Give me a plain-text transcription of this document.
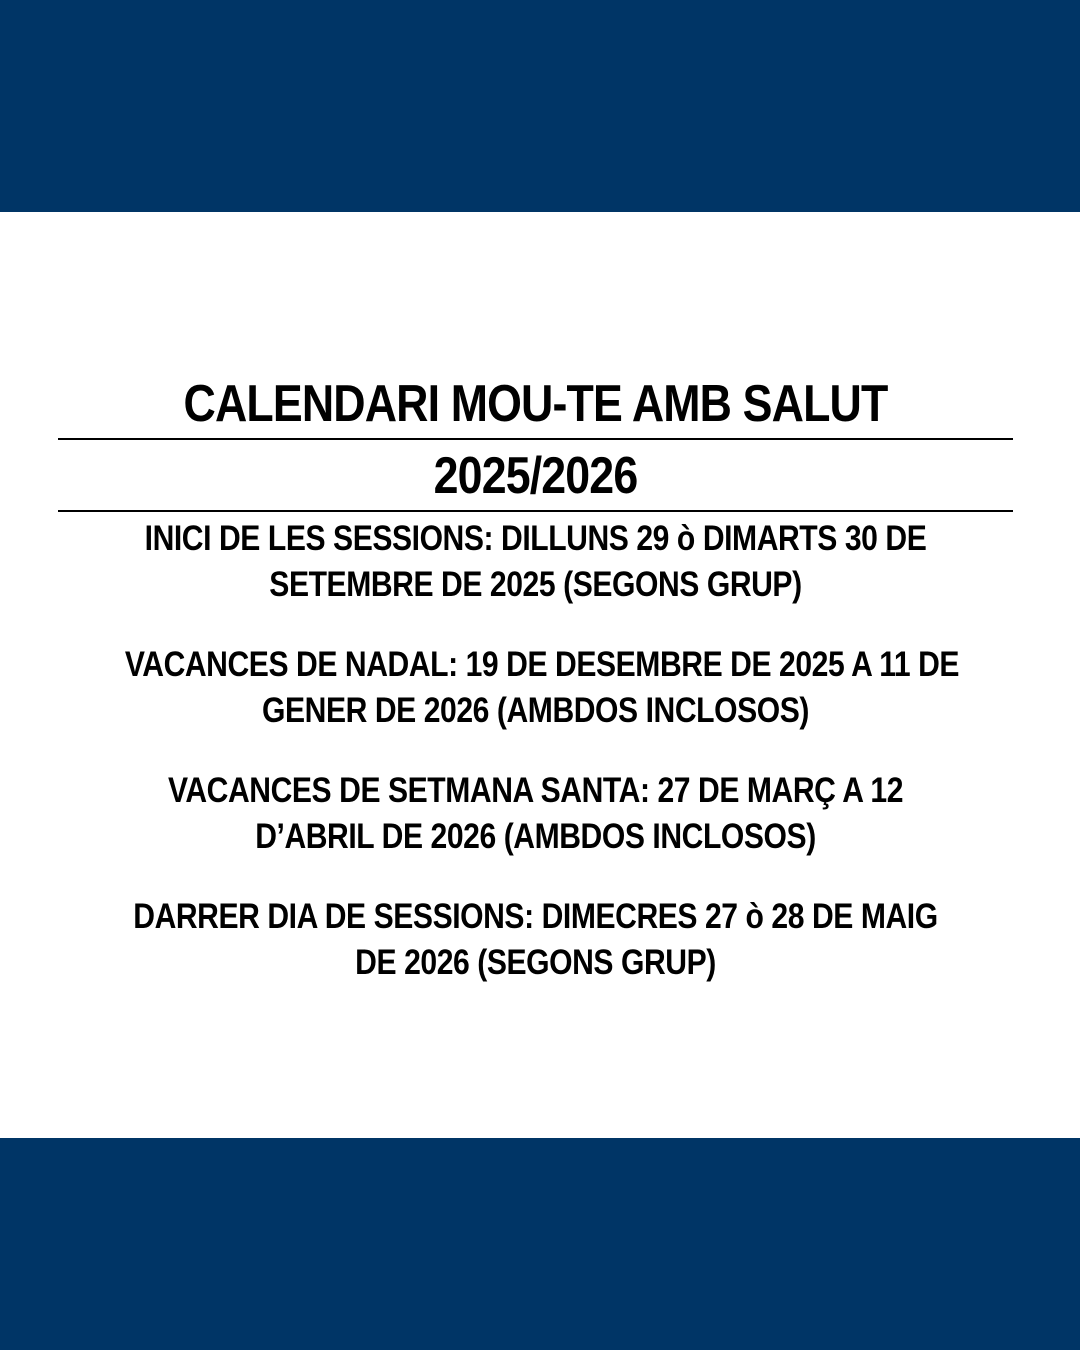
CALENDARI MOU-TE AMB SALUT
2025/2026

INICI DE LES SESSIONS: DILLUNS 29 ò DIMARTS 30 DE
SETEMBRE DE 2025 (SEGONS GRUP)

VACANCES DE NADAL: 19 DE DESEMBRE DE 2025 A 11 DE
GENER DE 2026 (AMBDOS INCLOSOS)

VACANCES DE SETMANA SANTA: 27 DE MARÇ A 12
D’ABRIL DE 2026 (AMBDOS INCLOSOS)

DARRER DIA DE SESSIONS: DIMECRES 27 ò 28 DE MAIG
DE 2026 (SEGONS GRUP)
